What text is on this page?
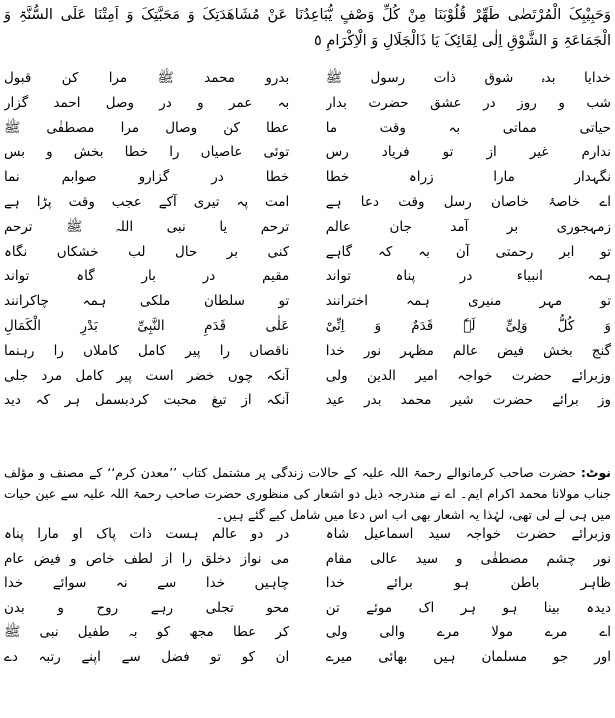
وَحَبِیْبِکَ الْمُرْتَضٰی طَھِّرْ قُلُوْبَنَا مِنْ کُلِّ وَصْفٍ یُّبَاعِدُنَا عَنْ مُشَاھَدَتِکَ وَ مَحَبَّتِکَ وَ اَمِتْنَا عَلَی السُّنَّۃِ وَ الْجَمَاعَۃِ وَ الشَّوْقِ اِلٰی لِقَائِکَ یَا ذَالْجَلَالِ وَ الْاِکْرَامِ ٥
خدایا بدہ شوق ذات رسول ﷺ
بدرو محمد ﷺ مرا کن قبول
شب و روز در عشق حضرت بدار
بہ عمر و در وصل احمد گزار
حیاتی مماتی بہ وقت ما
عطا کن وصال مرا مصطفٰی ﷺ
ندارم غیر از تو فریاد رس
توئی عاصیاں را خطا بخش و بس
نگہدار مارا زراہ خطا
خطا در گزارو صوابم نما
اے خاصۂ خاصان رسل وقت دعا ہے
امت پہ تیری آکے عجب وقت پڑا ہے
زمہجوری بر آمد جان عالم
ترحم یا نبی اللہ ﷺ ترحم
تو ابر رحمتی آن بہ کہ گاہے
کنی بر حال لب خشکاں نگاہ
ہمہ انبیاء در پناہ تواند
مقیم در بار گاہ تواند
تو مہر منیری ہمہ اخترانند
تو سلطان ملکی ہمہ چاکرانند
وَ کُلُّ وَلِیٍّ لَہٗ قَدَمٌ وَ اِنِّیْ
عَلٰی قَدَمِ النَّبِیِّ بَدْرِ الْکَمَالِ
گنج بخش فیض عالم مظہر نور خدا
ناقصاں را پیر کامل کاملاں را رہنما
وزبرائے حضرت خواجہ امیر الدین ولی
آنکہ چوں خضر است پیر کامل مرد جلی
وز برائے حضرت شیر محمد بدر عید
آنکہ از تیغ محبت کردبسمل ہر کہ دید
نوٹ: حضرت صاحب کرمانوالے رحمۃ اللہ علیہ کے حالات زندگی پر مشتمل کتاب ’’معدن کرم‘‘ کے مصنف و مؤلف جناب مولانا محمد اکرام ایم۔ اے نے مندرجہ ذیل دو اشعار کی منظوری حضرت صاحب رحمۃ اللہ علیہ سے عین حیات میں ہی لے لی تھی، لہٰذا یہ اشعار بھی اب اس دعا میں شامل کیے گئے ہیں۔
وزبرائے حضرت خواجہ سید اسماعیل شاہ
در دو عالم ہست ذات پاک او مارا پناہ
نور چشم مصطفٰی و سید عالی مقام
می نواز دخلق را از لطف خاص و فیض عام
ظاہر باطن ہو برائے خدا
چاہیں خدا سے نہ سوائے خدا
دیدہ بینا ہو ہر اک موئے تن
محو تجلی رہے روح و بدن
اے مرے مولا مرے والی ولی
کر عطا مجھ کو بہ طفیل نبی ﷺ
اور جو مسلمان ہیں بھائی میرے
ان کو تو فضل سے اپنے رتبہ دے
